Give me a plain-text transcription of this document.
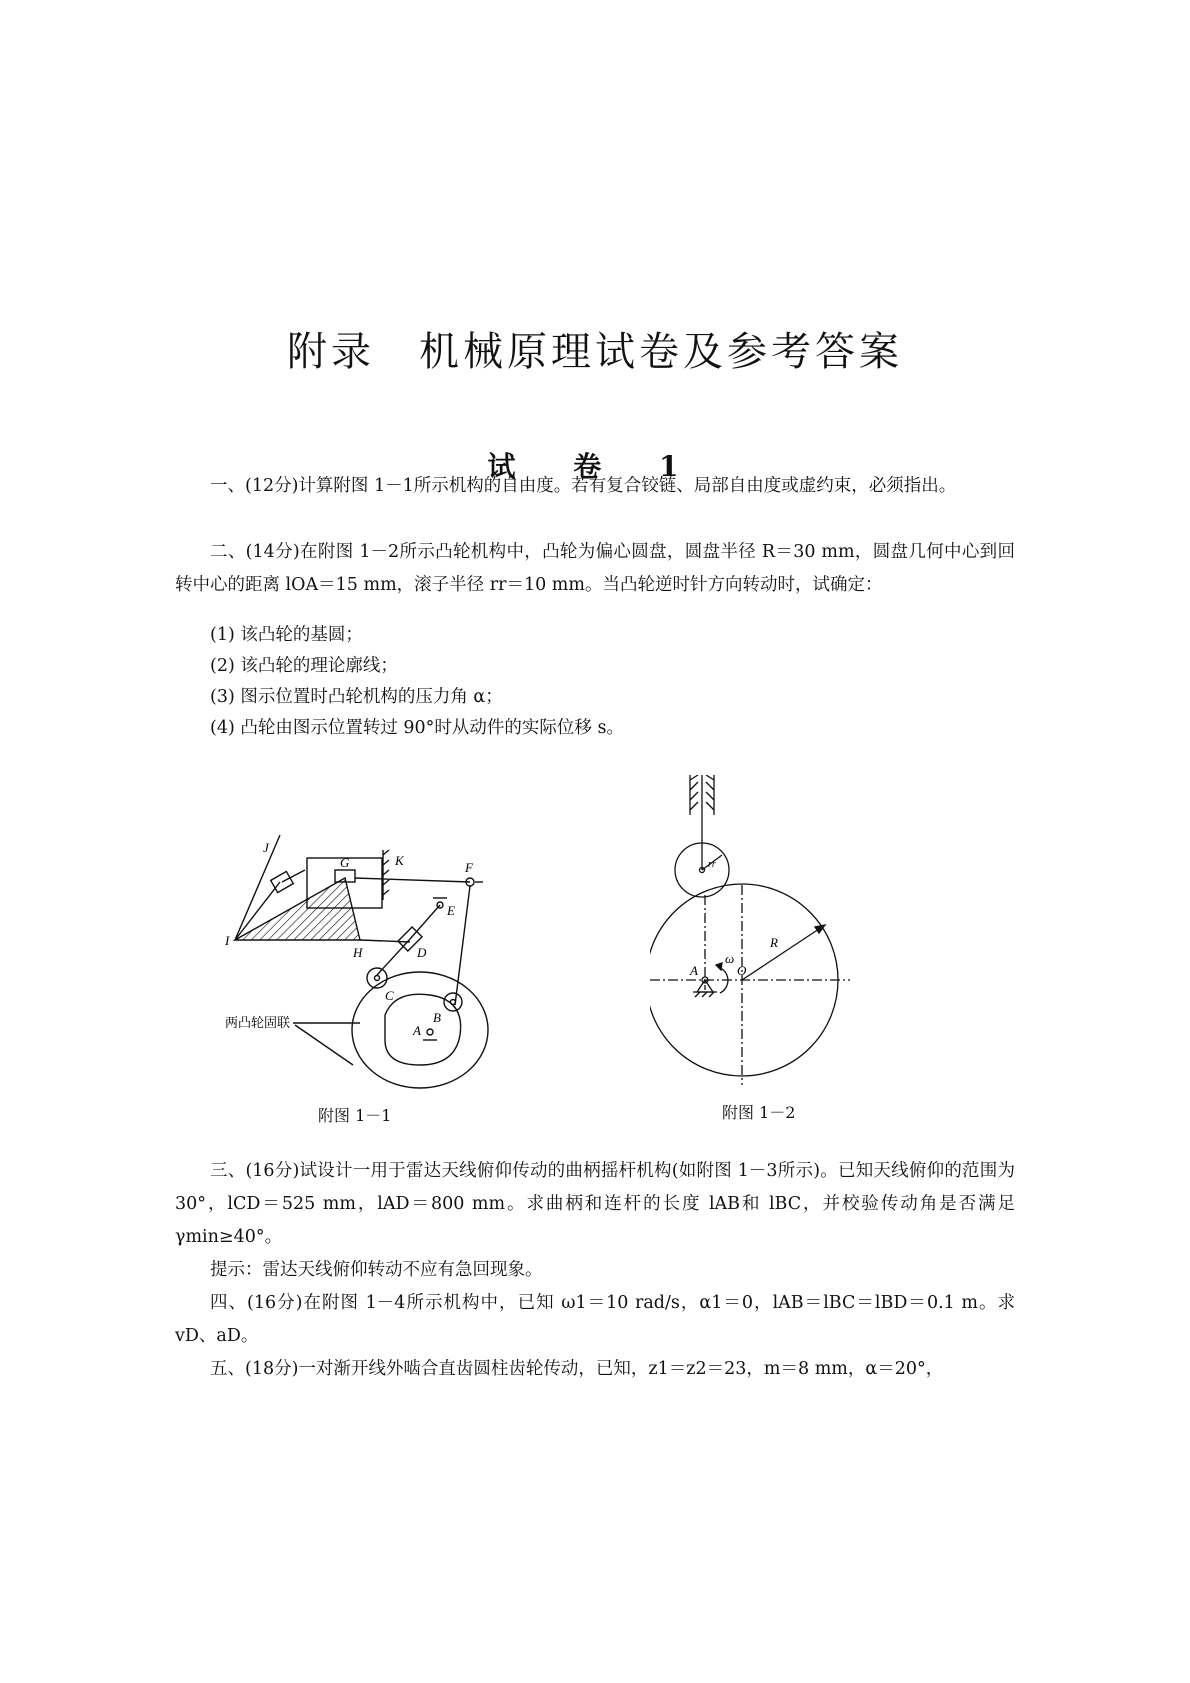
附录　机械原理试卷及参考答案
试 卷 1

一、(12分)计算附图 1－1所示机构的自由度。若有复合铰链、局部自由度或虚约束，必须指出。

二、(14分)在附图 1－2所示凸轮机构中，凸轮为偏心圆盘，圆盘半径 R＝30 mm，圆盘几何中心到回转中心的距离 lOA＝15 mm，滚子半径 rr＝10 mm。当凸轮逆时针方向转动时，试确定：

(1) 该凸轮的基圆；

(2) 该凸轮的理论廓线；

(3) 图示位置时凸轮机构的压力角 α；

(4) 凸轮由图示位置转过 90°时从动件的实际位移 s。

J
K
G	F
E
I
H	D
C
B
A
两凸轮固联
附图 1－1
rr
R
ω
A	O
附图 1－2

三、(16分)试设计一用于雷达天线俯仰传动的曲柄摇杆机构(如附图 1－3所示)。已知天线俯仰的范围为 30°，lCD＝525 mm，lAD＝800 mm。求曲柄和连杆的长度 lAB和 lBC，并校验传动角是否满足 γmin≥40°。

提示：雷达天线俯仰转动不应有急回现象。

四、(16分)在附图 1－4所示机构中，已知 ω1＝10 rad/s，α1＝0，lAB＝lBC＝lBD＝0.1 m。求 vD、aD。

五、(18分)一对渐开线外啮合直齿圆柱齿轮传动，已知，z1＝z2＝23，m＝8 mm，α＝20°，
